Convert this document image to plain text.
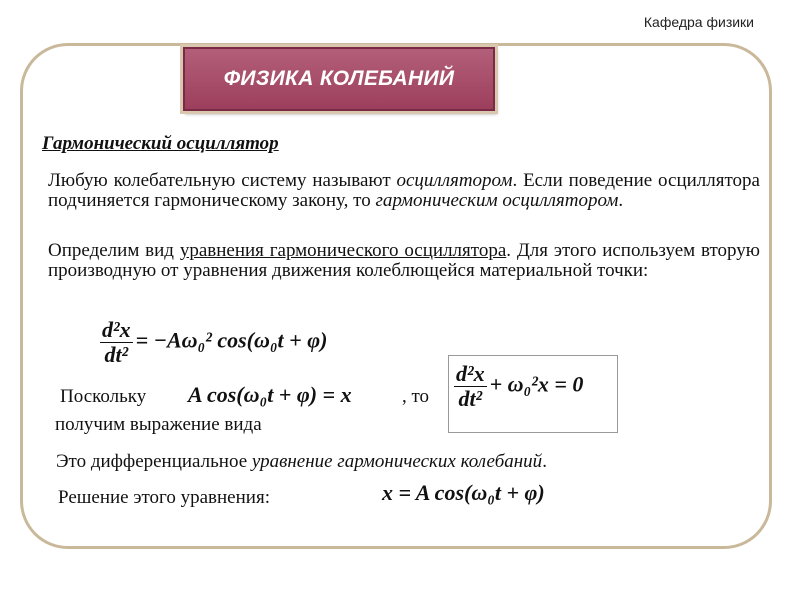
Кафедра физики
ФИЗИКА КОЛЕБАНИЙ
Гармонический осциллятор
Любую колебательную систему называют осциллятором. Если поведение осциллятора подчиняется гармоническому закону, то гармоническим осциллятором.
Определим вид уравнения гармонического осциллятора. Для этого используем вторую производную от уравнения движения колеблющейся материальной точки:
$\frac{\text{d²x}}{\text{dt²}} = -A\omega_0^2$ cos(ω₀t + φ)
Поскольку A cos(ω₀t + φ) = x	, то $\frac{\text{d²x}}{\text{dt²}} + \omega_0^2x = 0$
получим выражение вида
Это дифференциальное уравнение гармонических колебаний.
Решение этого уравнения:	x = A cos(ω₀t + φ)
